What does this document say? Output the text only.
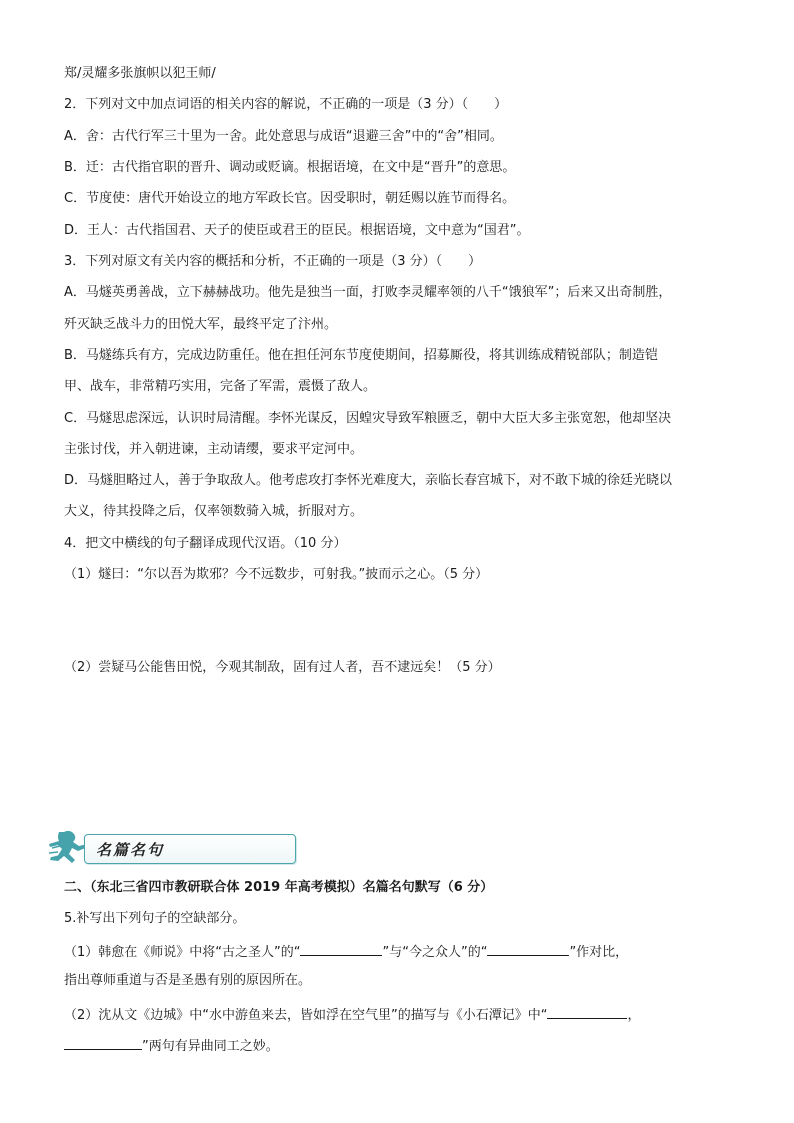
郑/灵耀多张旗帜以犯王师/
2．下列对文中加点词语的相关内容的解说，不正确的一项是（3 分）（　　）
A．舍：古代行军三十里为一舍。此处意思与成语“退避三舍”中的“舍”相同。
B．迁：古代指官职的晋升、调动或贬谪。根据语境，在文中是“晋升”的意思。
C．节度使：唐代开始设立的地方军政长官。因受职时，朝廷赐以旌节而得名。
D．王人：古代指国君、天子的使臣或君王的臣民。根据语境，文中意为“国君”。
3．下列对原文有关内容的概括和分析，不正确的一项是（3 分）（　　）
A．马燧英勇善战，立下赫赫战功。他先是独当一面，打败李灵耀率领的八千“饿狼军”；后来又出奇制胜，
歼灭缺乏战斗力的田悦大军，最终平定了汴州。
B．马燧练兵有方，完成边防重任。他在担任河东节度使期间，招募厮役，将其训练成精锐部队；制造铠
甲、战车，非常精巧实用，完备了军需，震慑了敌人。
C．马燧思虑深远，认识时局清醒。李怀光谋反，因蝗灾导致军粮匮乏，朝中大臣大多主张宽恕，他却坚决
主张讨伐，并入朝进谏，主动请缨，要求平定河中。
D．马燧胆略过人，善于争取敌人。他考虑攻打李怀光难度大，亲临长春宫城下，对不敢下城的徐廷光晓以
大义，待其投降之后，仅率领数骑入城，折服对方。
4．把文中横线的句子翻译成现代汉语。（10 分）
（1）燧曰：“尔以吾为欺邪？今不远数步，可射我。”披而示之心。（5 分）
（2）尝疑马公能售田悦，今观其制敌，固有过人者，吾不逮远矣！（5 分）
名篇名句
二、（东北三省四市教研联合体 2019 年高考模拟）名篇名句默写（6 分）
5.补写出下列句子的空缺部分。
（1）韩愈在《师说》中将“古之圣人”的“	”与“今之众人”的“	”作对比，
指出尊师重道与否是圣愚有别的原因所在。
（2）沈从文《边城》中“水中游鱼来去，皆如浮在空气里”的描写与《小石潭记》中“	，
”两句有异曲同工之妙。
